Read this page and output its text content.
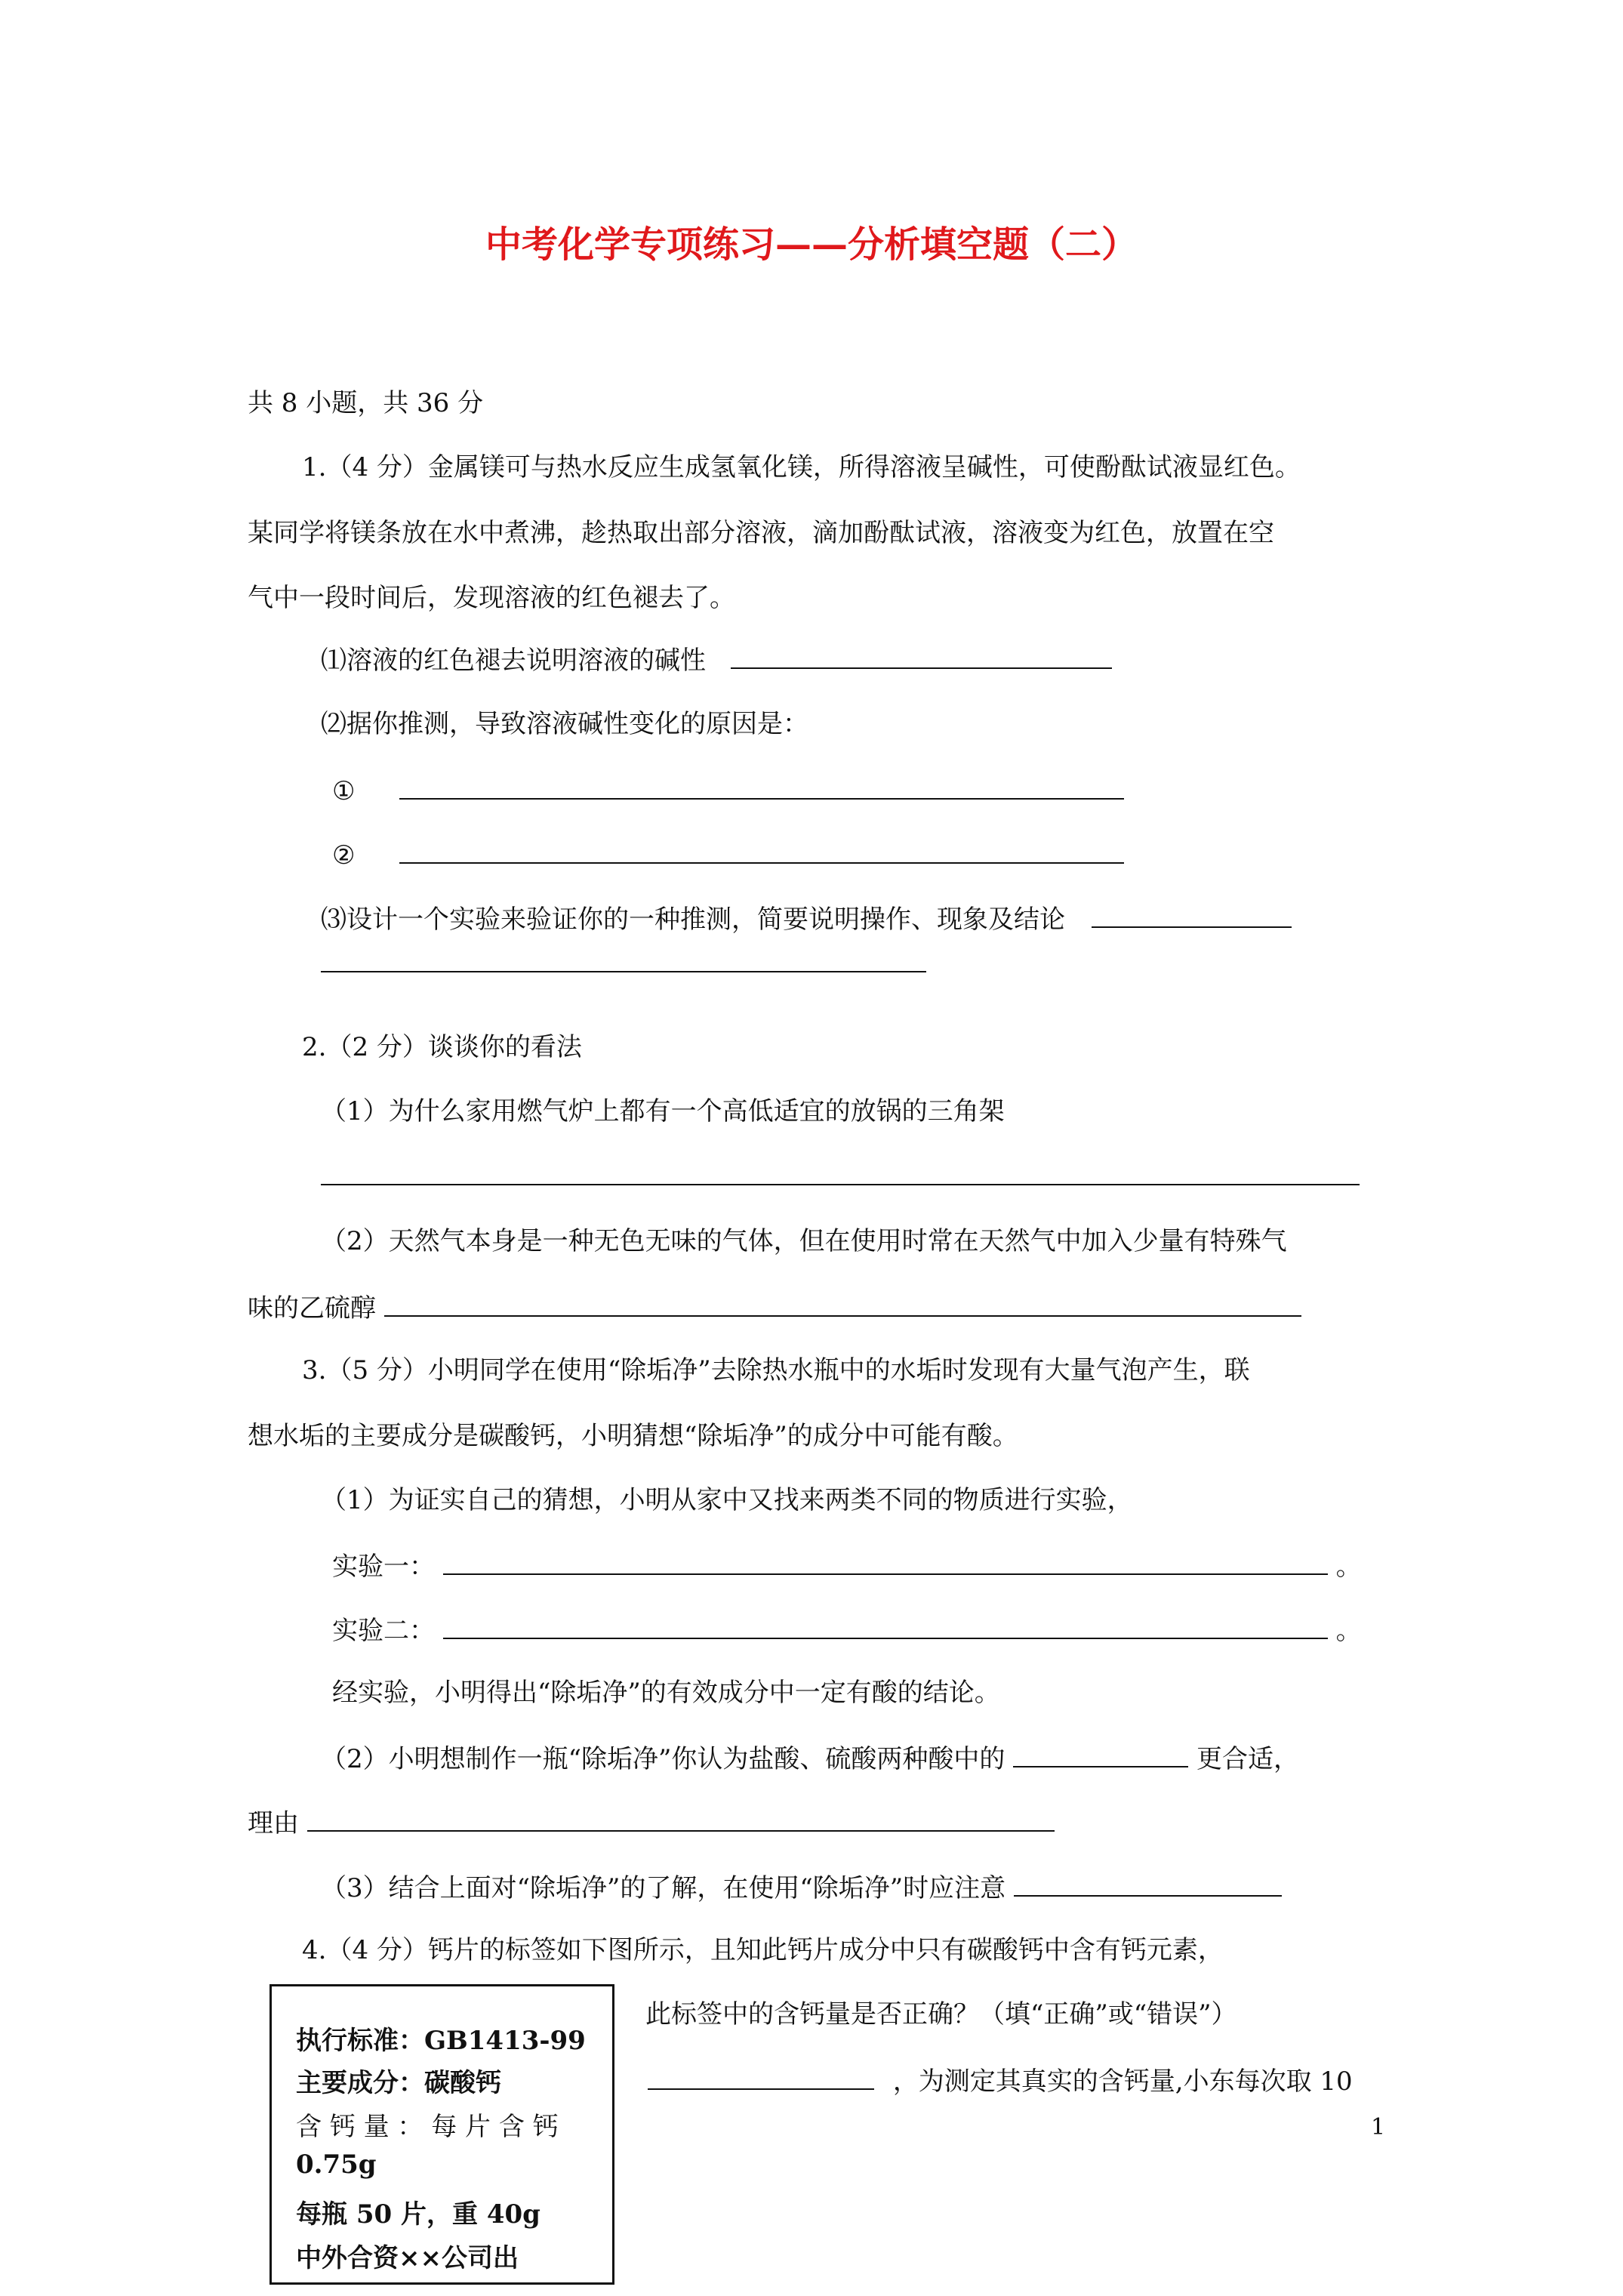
中考化学专项练习——分析填空题（二）
共 8 小题，共 36 分
1.（4 分）金属镁可与热水反应生成氢氧化镁，所得溶液呈碱性，可使酚酞试液显红色。
某同学将镁条放在水中煮沸，趁热取出部分溶液，滴加酚酞试液，溶液变为红色，放置在空
气中一段时间后，发现溶液的红色褪去了。
⑴溶液的红色褪去说明溶液的碱性
⑵据你推测，导致溶液碱性变化的原因是：
①
②
⑶设计一个实验来验证你的一种推测，简要说明操作、现象及结论
2.（2 分）谈谈你的看法
（1）为什么家用燃气炉上都有一个高低适宜的放锅的三角架
（2）天然气本身是一种无色无味的气体，但在使用时常在天然气中加入少量有特殊气
味的乙硫醇
3.（5 分）小明同学在使用“除垢净”去除热水瓶中的水垢时发现有大量气泡产生，联
想水垢的主要成分是碳酸钙，小明猜想“除垢净”的成分中可能有酸。
（1）为证实自己的猜想，小明从家中又找来两类不同的物质进行实验，
实验一：	。
实验二：	。
经实验，小明得出“除垢净”的有效成分中一定有酸的结论。
（2）小明想制作一瓶“除垢净”你认为盐酸、硫酸两种酸中的	更合适，
理由
（3）结合上面对“除垢净”的了解，在使用“除垢净”时应注意
4.（4 分）钙片的标签如下图所示，且知此钙片成分中只有碳酸钙中含有钙元素，
执行标准：GB1413-99
主要成分：碳酸钙
含 钙 量 ： 每 片 含 钙
0.75g
每瓶 50 片，重 40g
中外合资××公司出
此标签中的含钙量是否正确？（填“正确”或“错误”）
，为测定其真实的含钙量,小东每次取 10
1
